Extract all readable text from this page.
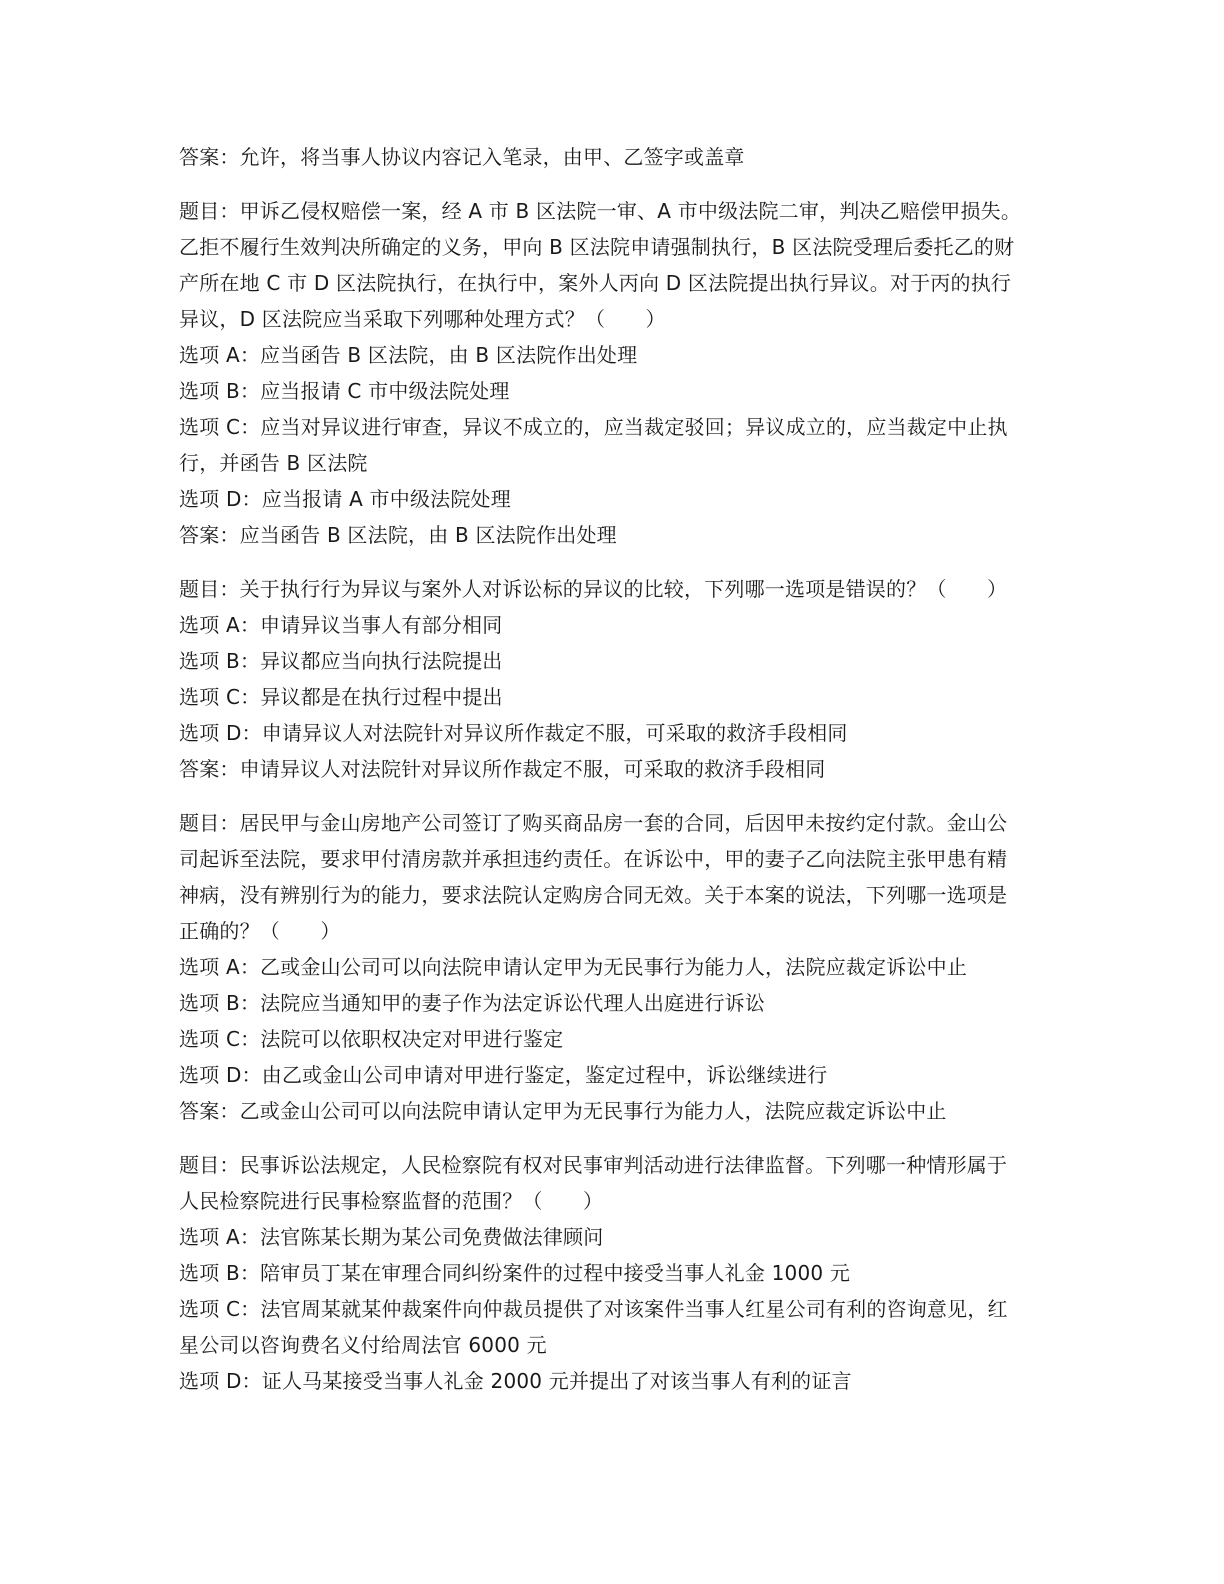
答案：允许，将当事人协议内容记入笔录，由甲、乙签字或盖章
题目：甲诉乙侵权赔偿一案，经 A 市 B 区法院一审、A 市中级法院二审，判决乙赔偿甲损失。
乙拒不履行生效判决所确定的义务，甲向 B 区法院申请强制执行，B 区法院受理后委托乙的财
产所在地 C 市 D 区法院执行，在执行中，案外人丙向 D 区法院提出执行异议。对于丙的执行
异议，D 区法院应当采取下列哪种处理方式？（　　）
选项 A：应当函告 B 区法院，由 B 区法院作出处理
选项 B：应当报请 C 市中级法院处理
选项 C：应当对异议进行审查，异议不成立的，应当裁定驳回；异议成立的，应当裁定中止执
行，并函告 B 区法院
选项 D：应当报请 A 市中级法院处理
答案：应当函告 B 区法院，由 B 区法院作出处理
题目：关于执行行为异议与案外人对诉讼标的异议的比较，下列哪一选项是错误的？（　　）
选项 A：申请异议当事人有部分相同
选项 B：异议都应当向执行法院提出
选项 C：异议都是在执行过程中提出
选项 D：申请异议人对法院针对异议所作裁定不服，可采取的救济手段相同
答案：申请异议人对法院针对异议所作裁定不服，可采取的救济手段相同
题目：居民甲与金山房地产公司签订了购买商品房一套的合同，后因甲未按约定付款。金山公
司起诉至法院，要求甲付清房款并承担违约责任。在诉讼中，甲的妻子乙向法院主张甲患有精
神病，没有辨别行为的能力，要求法院认定购房合同无效。关于本案的说法，下列哪一选项是
正确的？（　　）
选项 A：乙或金山公司可以向法院申请认定甲为无民事行为能力人，法院应裁定诉讼中止
选项 B：法院应当通知甲的妻子作为法定诉讼代理人出庭进行诉讼
选项 C：法院可以依职权决定对甲进行鉴定
选项 D：由乙或金山公司申请对甲进行鉴定，鉴定过程中，诉讼继续进行
答案：乙或金山公司可以向法院申请认定甲为无民事行为能力人，法院应裁定诉讼中止
题目：民事诉讼法规定，人民检察院有权对民事审判活动进行法律监督。下列哪一种情形属于
人民检察院进行民事检察监督的范围？（　　）
选项 A：法官陈某长期为某公司免费做法律顾问
选项 B：陪审员丁某在审理合同纠纷案件的过程中接受当事人礼金 1000 元
选项 C：法官周某就某仲裁案件向仲裁员提供了对该案件当事人红星公司有利的咨询意见，红
星公司以咨询费名义付给周法官 6000 元
选项 D：证人马某接受当事人礼金 2000 元并提出了对该当事人有利的证言
